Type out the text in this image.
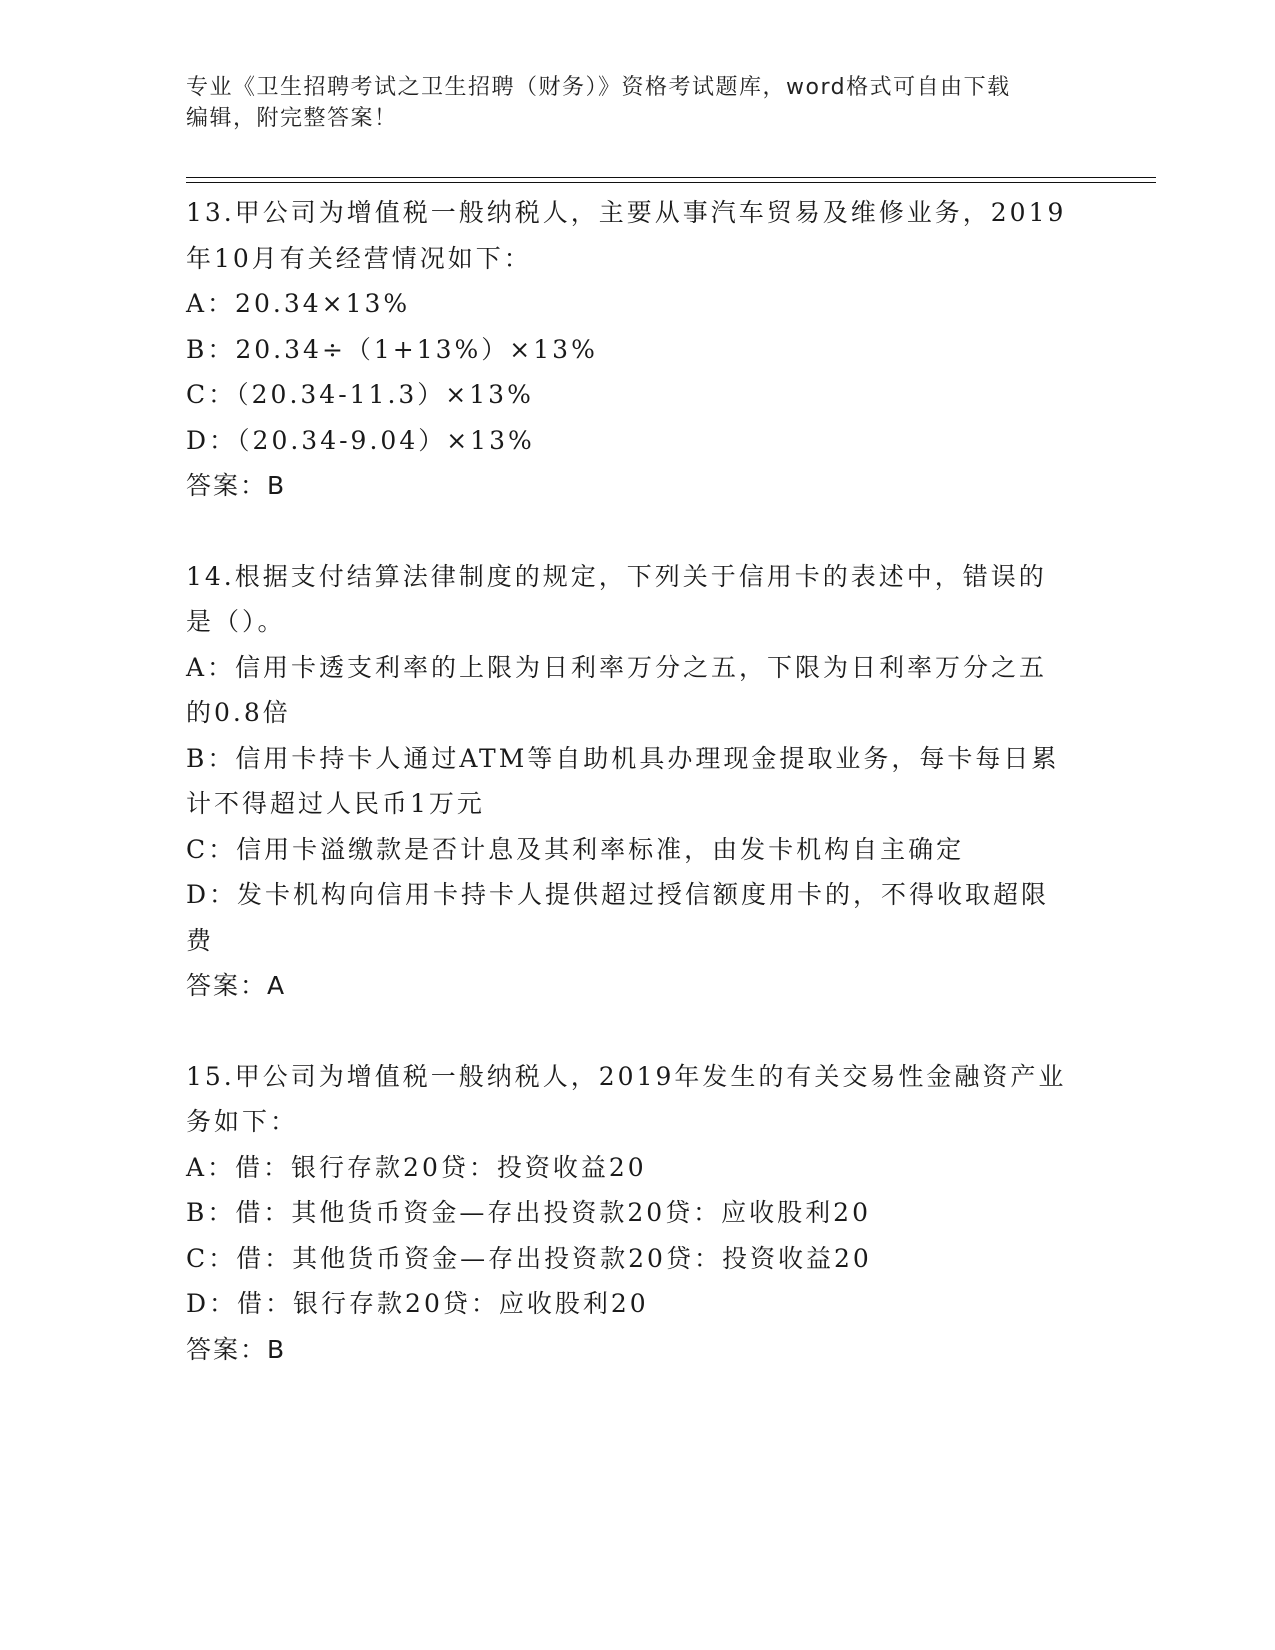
专业《卫生招聘考试之卫生招聘（财务）》资格考试题库，word格式可自由下载
编辑，附完整答案！
13.甲公司为增值税一般纳税人，主要从事汽车贸易及维修业务，2019
年10月有关经营情况如下：
A：20.34×13%
B：20.34÷（1+13%）×13%
C：（20.34-11.3）×13%
D：（20.34-9.04）×13%
答案：B
14.根据支付结算法律制度的规定，下列关于信用卡的表述中，错误的
是（）。
A：信用卡透支利率的上限为日利率万分之五，下限为日利率万分之五
的0.8倍
B：信用卡持卡人通过ATM等自助机具办理现金提取业务，每卡每日累
计不得超过人民币1万元
C：信用卡溢缴款是否计息及其利率标准，由发卡机构自主确定
D：发卡机构向信用卡持卡人提供超过授信额度用卡的，不得收取超限
费
答案：A
15.甲公司为增值税一般纳税人，2019年发生的有关交易性金融资产业
务如下：
A：借：银行存款20贷：投资收益20
B：借：其他货币资金—存出投资款20贷：应收股利20
C：借：其他货币资金—存出投资款20贷：投资收益20
D：借：银行存款20贷：应收股利20
答案：B
